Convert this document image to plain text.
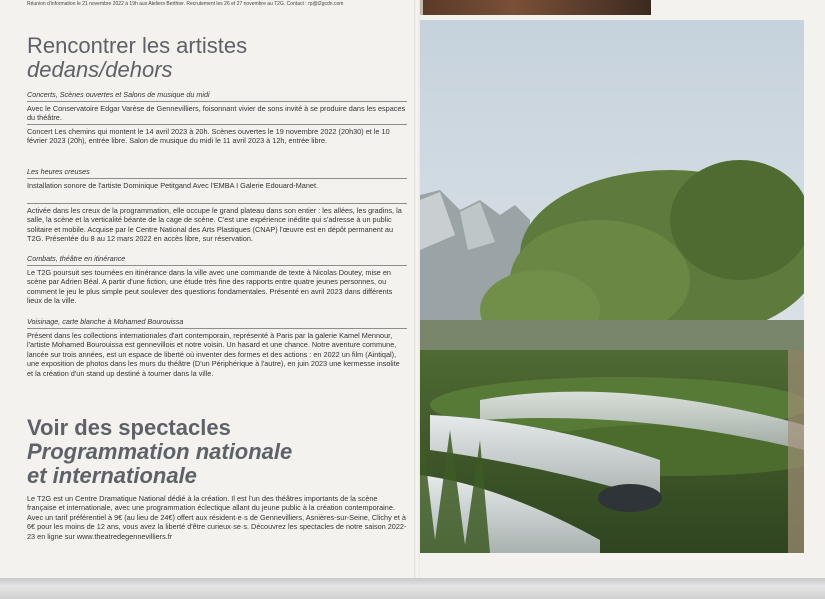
Réunion d'information le 21 novembre 2022 à 19h aux Ateliers Berthier. Recrutement les 26 et 27 novembre au T2G. Contact : rp@t2gcdn.com
Rencontrer les artistes
dedans/dehors
Concerts, Scènes ouvertes et Salons de musique du midi
Avec le Conservatoire Edgar Varèse de Gennevilliers, foisonnant vivier de sons invité à se produire dans les espaces du théâtre.
Concert Les chemins qui montent le 14 avril 2023 à 20h. Scènes ouvertes le 19 novembre 2022 (20h30) et le 10 février 2023 (20h), entrée libre. Salon de musique du midi le 11 avril 2023 à 12h, entrée libre.
Les heures creuses
Installation sonore de l'artiste Dominique Petitgand Avec l'EMBA I Galerie Edouard-Manet.
Activée dans les creux de la programmation, elle occupe le grand plateau dans son entier : les allées, les gradins, la salle, la scène et la verticalité béante de la cage de scène. C'est une expérience inédite qui s'adresse à un public solitaire et mobile. Acquise par le Centre National des Arts Plastiques (CNAP) l'œuvre est en dépôt permanent au T2G. Présentée du 8 au 12 mars 2022 en accès libre, sur réservation.
Combats, théâtre en itinérance
Le T2G poursuit ses tournées en itinérance dans la ville avec une commande de texte à Nicolas Doutey, mise en scène par Adrien Béal. A partir d'une fiction, une étude très fine des rapports entre quatre jeunes personnes, ou comment le jeu le plus simple peut soulever des questions fondamentales. Présenté en avril 2023 dans différents lieux de la ville.
Voisinage, carte blanche à Mohamed Bourouissa
Présent dans les collections internationales d'art contemporain, représenté à Paris par la galerie Kamel Mennour, l'artiste Mohamed Bourouissa est gennevillois et notre voisin. Un hasard et une chance. Notre aventure commune, lancée sur trois années, est un espace de liberté où inventer des formes et des actions : en 2022 un film (Aintiqal), une exposition de photos dans les murs du théâtre (D'un Périphérique à l'autre), en juin 2023 une kermesse insolite et la création d'un stand up destiné à tourner dans la ville.
Voir des spectacles
Programmation nationale
et internationale
Le T2G est un Centre Dramatique National dédié à la création. Il est l'un des théâtres importants de la scène française et internationale, avec une programmation éclectique allant du jeune public à la création contemporaine. Avec un tarif préférentiel à 9€ (au lieu de 24€) offert aux résident·e·s de Gennevilliers, Asnières-sur-Seine, Clichy et à 6€ pour les moins de 12 ans, vous avez la liberté d'être curieux·se·s. Découvrez les spectacles de notre saison 2022-23 en ligne sur www.theatredegennevilliers.fr
